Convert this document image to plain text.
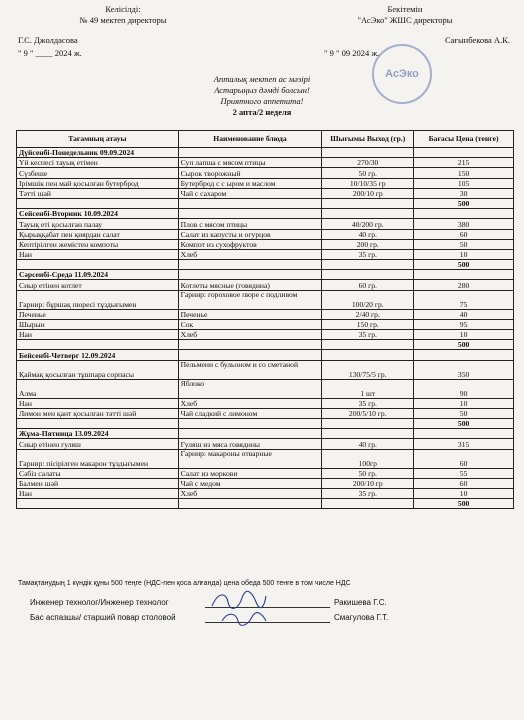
Келісілді:
№ 49 мектеп директоры
Г.С. Джолдасова
" 9 " ____ 2024 ж.
Бекітемін
"АсЭко" ЖШС директоры
Сағынбекова А.К.
" 9 " 09 2024 ж.
АсЭко
Апталық мектеп ас мәзірі
Астарыңыз дәмді болсын!
Приятного аппетита!
2 апта/2 неделя
Тағамның атауы	Наименование блюда	Шығымы Выход (гр.)	Бағасы Цена (тенге)
Дүйсенбі-Понедельник 09.09.2024			
Үй кеспесі тауық етімен	Суп лапша с мясом птицы	270/30	215
Сүзбеше	Сырок творожный	50 гр.	150
Ірімшік пен май қосылған бутерброд	Бутерброд с с ыром и маслом	10/10/35 гр	105
Тәтті шәй	Чай с сахаром	200/10 гр	30
			500
Сейсенбі-Вторник 10.09.2024			
Тауық еті қосылған палау	Плов с мясом птицы	40/200 гр.	380
Қырыққабат пен қиярдан салат	Салат из капусты и огурцов	40 гр.	60
Кептірілген жемістен компоты	Компот из сухофруктов	200 гр.	50
Нан	Хлеб	35 гр.	10
			500
Сәрсенбі-Среда 11.09.2024			
Сиыр етінен котлет	Котлеты мясные (говядина)	60 гр.	280
Гарнир: бұршақ пюресі тұздығымен	Гарнир: гороховое пюре с подливом	100/20 гр.	75
Печенье	Печенье	2/40 гр.	40
Шырын	Сок	150 гр.	95
Нан	Хлеб	35 гр.	10
			500
Бейсенбі-Четверг 12.09.2024			
Қаймақ қосылған тұшпара сорпасы	Пельмени с бульоном и со сметаной	130/75/5 гр.	350
Алма	Яблоко	1 шт	90
Нан	Хлеб	35 гр.	10
Лимон мен қант қосылған тәтті шәй	Чай сладкий с лимоном	200/5/10 гр.	50
			500
Жұма-Пятница 13.09.2024			
Сиыр етінен гуляш	Гуляш из мяса говядины	40 гр.	315
Гарнир: пісірілген макарон тұздығымен	Гарнир: макароны отварные	100гр	60
Сәбіз салаты	Салат из моркови	50 гр.	55
Балмен шәй	Чай с медом	200/10 гр	60
Нан	Хлеб	35 гр.	10
			500
Тамақтанудың 1 күндік құны 500 теңге (НДС-пен қоса алғанда) цена обеда 500 тенге в том числе НДС
Инженер технолог/Инженер технолог	Ракишева Г.С.
Бас аспазшы/ старший повар столовой	Смагулова Г.Т.
